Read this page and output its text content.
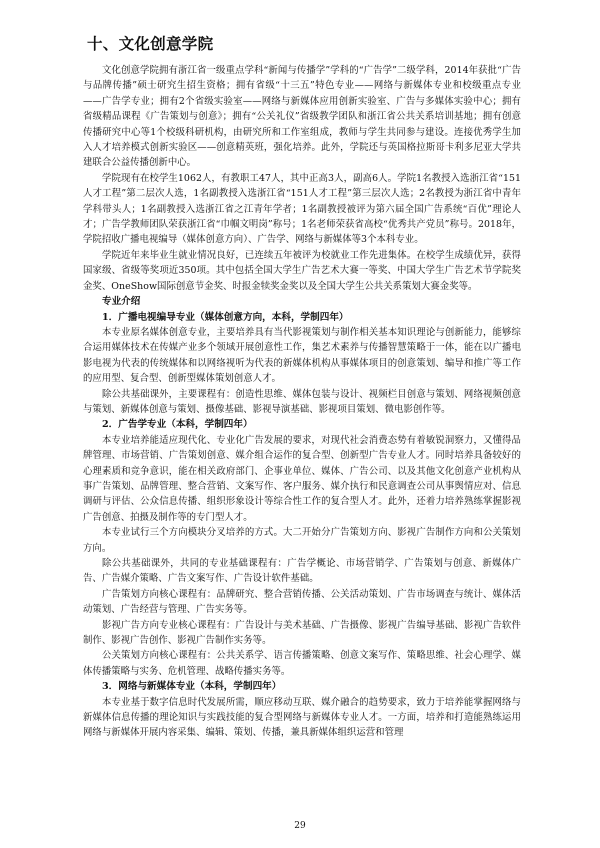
十、文化创意学院

文化创意学院拥有浙江省一级重点学科“新闻与传播学”学科的“广告学”二级学科，2014年获批“广告与品牌传播”硕士研究生招生资格；拥有省级“十三五”特色专业——网络与新媒体专业和校级重点专业——广告学专业；拥有2个省级实验室——网络与新媒体应用创新实验室、广告与多媒体实验中心；拥有省级精品课程《广告策划与创意》；拥有“公关礼仪”省级教学团队和浙江省公共关系培训基地；拥有创意传播研究中心等1个校级科研机构，由研究所和工作室组成，教师与学生共同参与建设。连接优秀学生加入人才培养模式创新实验区——创意精英班，强化培养。此外，学院还与英国格拉斯哥卡利多尼亚大学共建联合公益传播创新中心。

学院现有在校学生1062人，有教职工47人，其中正高3人，副高6人。学院1名教授入选浙江省“151人才工程”第二层次人选，1名副教授入选浙江省“151人才工程”第三层次人选；2名教授为浙江省中青年学科带头人；1名副教授入选浙江省之江青年学者；1名副教授被评为第六届全国广告系统“百优”理论人才；广告学教师团队荣获浙江省“巾帼文明岗”称号；1名老师荣获省高校“优秀共产党员”称号。2018年，学院招收广播电视编导（媒体创意方向）、广告学、网络与新媒体等3个本科专业。

学院近年来毕业生就业情况良好，已连续五年被评为校就业工作先进集体。在校学生成绩优异，获得国家级、省级等奖项近350项。其中包括全国大学生广告艺术大赛一等奖、中国大学生广告艺术节学院奖金奖、OneShow国际创意节金奖、时报金犊奖金奖以及全国大学生公共关系策划大赛金奖等。

专业介绍

1．广播电视编导专业（媒体创意方向，本科，学制四年）

本专业原名媒体创意专业，主要培养具有当代影视策划与制作相关基本知识理论与创新能力，能够综合运用媒体技术在传媒产业多个领域开展创意性工作，集艺术素养与传播智慧策略于一体，能在以广播电影电视为代表的传统媒体和以网络视听为代表的新媒体机构从事媒体项目的创意策划、编导和推广等工作的应用型、复合型、创新型媒体策划创意人才。

除公共基础课外，主要课程有：创造性思维、媒体包装与设计、视频栏目创意与策划、网络视频创意与策划、新媒体创意与策划、摄像基础、影视导演基础、影视项目策划、微电影创作等。

2．广告学专业（本科，学制四年）

本专业培养能适应现代化、专业化广告发展的要求，对现代社会消费态势有着敏锐洞察力，又懂得品牌管理、市场营销、广告策划创意、媒介组合运作的复合型、创新型广告专业人才。同时培养具备较好的心理素质和竞争意识，能在相关政府部门、企事业单位、媒体、广告公司、以及其他文化创意产业机构从事广告策划、品牌管理、整合营销、文案写作、客户服务、媒介执行和民意调查公司从事舆情应对、信息调研与评估、公众信息传播、组织形象设计等综合性工作的复合型人才。此外，还着力培养熟练掌握影视广告创意、拍摄及制作等的专门型人才。

本专业试行三个方向模块分叉培养的方式。大二开始分广告策划方向、影视广告制作方向和公关策划方向。

除公共基础课外，共同的专业基础课程有：广告学概论、市场营销学、广告策划与创意、新媒体广告、广告媒介策略、广告文案写作、广告设计软件基础。

广告策划方向核心课程有：品牌研究、整合营销传播、公关活动策划、广告市场调查与统计、媒体活动策划、广告经营与管理、广告实务等。

影视广告方向专业核心课程有：广告设计与美术基础、广告摄像、影视广告编导基础、影视广告软件制作、影视广告创作、影视广告制作实务等。

公关策划方向核心课程有：公共关系学、语言传播策略、创意文案写作、策略思维、社会心理学、媒体传播策略与实务、危机管理、战略传播实务等。

3．网络与新媒体专业（本科，学制四年）

本专业基于数字信息时代发展所需，顺应移动互联、媒介融合的趋势要求，致力于培养能掌握网络与新媒体信息传播的理论知识与实践技能的复合型网络与新媒体专业人才。一方面，培养和打造能熟练运用网络与新媒体开展内容采集、编辑、策划、传播，兼具新媒体组织运营和管理

29
